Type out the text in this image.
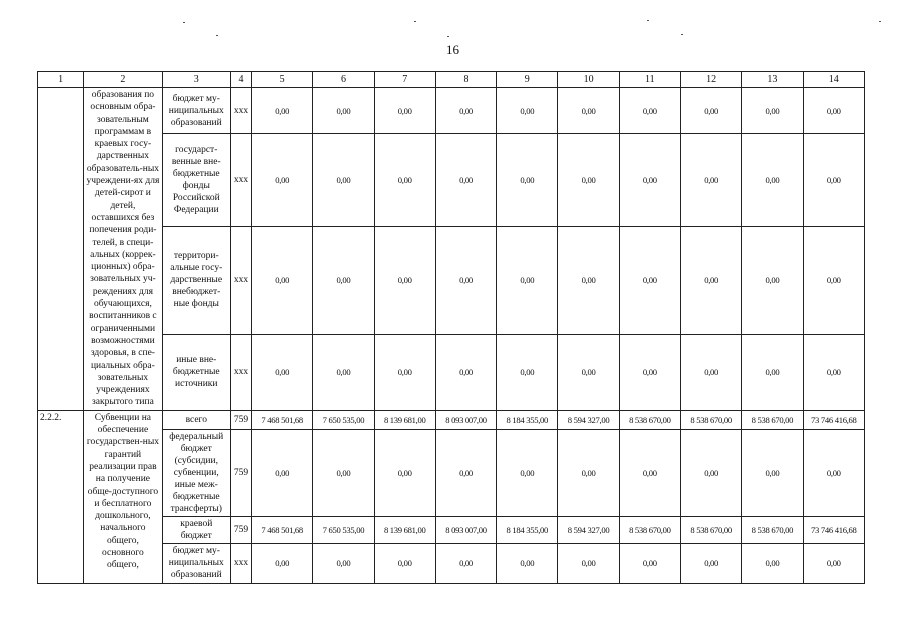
16
1	2	3	4	5	6	7	8	9	10	11	12	13	14
	образования по основным обра-зовательным программам в краевых госу-дарственных образователь-ных учреждени-ях для детей-сирот и детей, оставшихся без попечения роди-телей, в специ-альных (коррек-ционных) обра-зовательных уч-реждениях для обучающихся, воспитанников с ограниченными возможностями здоровья, в спе-циальных обра-зовательных учреждениях закрытого типа	бюджет му-ниципальных образований	ххх	0,00	0,00	0,00	0,00	0,00	0,00	0,00	0,00	0,00	0,00
		государст-венные вне-бюджетные фонды Российской Федерации	ххх	0,00	0,00	0,00	0,00	0,00	0,00	0,00	0,00	0,00	0,00
		территори-альные госу-дарственные внебюджет-ные фонды	ххх	0,00	0,00	0,00	0,00	0,00	0,00	0,00	0,00	0,00	0,00
		иные вне-бюджетные источники	ххх	0,00	0,00	0,00	0,00	0,00	0,00	0,00	0,00	0,00	0,00
2.2.2.	Субвенции на обеспечение государствен-ных гарантий реализации прав на получение обще-доступного и бесплатного дошкольного, начального общего, основного общего,	всего	759	7 468 501,68	7 650 535,00	8 139 681,00	8 093 007,00	8 184 355,00	8 594 327,00	8 538 670,00	8 538 670,00	8 538 670,00	73 746 416,68
		федеральный бюджет (субсидии, субвенции, иные меж-бюджетные трансферты)	759	0,00	0,00	0,00	0,00	0,00	0,00	0,00	0,00	0,00	0,00
		краевой бюджет	759	7 468 501,68	7 650 535,00	8 139 681,00	8 093 007,00	8 184 355,00	8 594 327,00	8 538 670,00	8 538 670,00	8 538 670,00	73 746 416,68
		бюджет му-ниципальных образований	ххх	0,00	0,00	0,00	0,00	0,00	0,00	0,00	0,00	0,00	0,00
